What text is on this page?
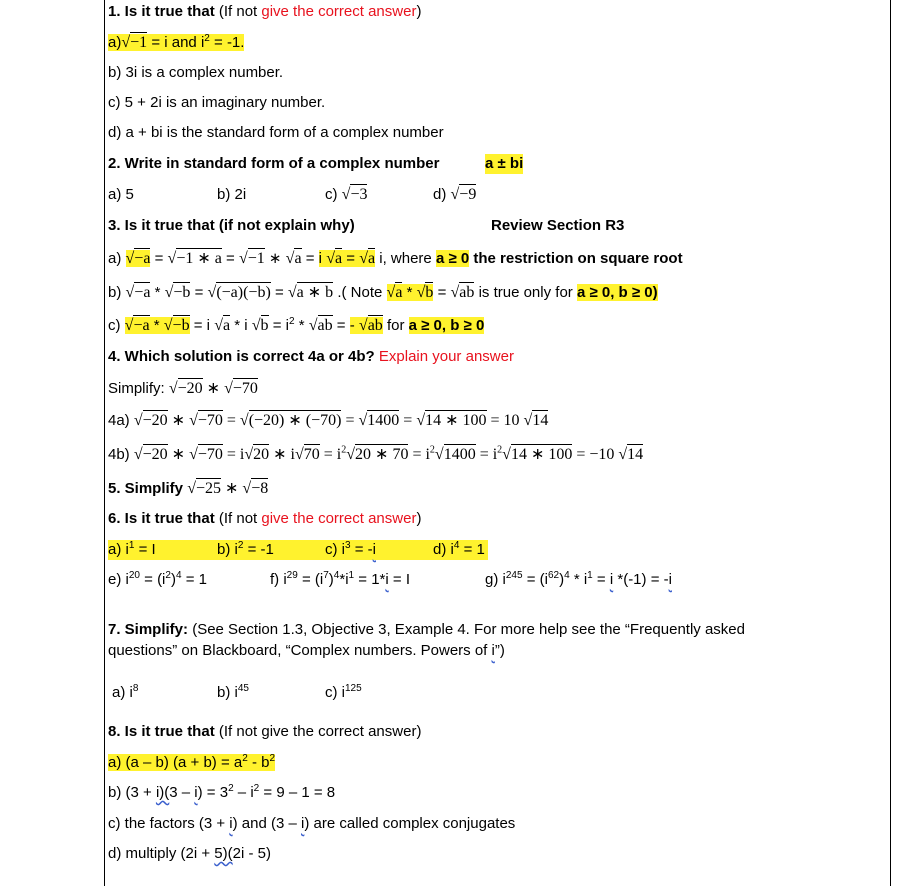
1. Is it true that (If not give the correct answer)
a)√−1 = i and $i^2 = -1$.
b) 3i is a complex number.
c) 5 + 2i is an imaginary number.
d) a + bi is the standard form of a complex number
2. Write in standard form of a complex number	a ± bi
a) 5	b) 2i	c) √−3	d) √−9
3. Is it true that (if not explain why)	Review Section R3
a) √−a = √−1 ∗ a = √−1 ∗ √a = i √a = √a i, where a ≥ 0 the restriction on square root
b) √−a * √−b = √(−a)(−b) = √a ∗ b .( Note √a * √b = √ab is true only for a ≥ 0, b ≥ 0)
c) √−a * √−b = i √a * i $√b = i^2 * √ab$ = - √ab for a ≥ 0, b ≥ 0
4. Which solution is correct 4a or 4b? Explain your answer
Simplify: √−20 ∗ √−70
4a) √−20 ∗ √−70 = √(−20) ∗ (−70) = √1400 = √14 ∗ 100 = 10 √14
4b) √−20 ∗ √−70 = i√20 ∗ $i√70 = i^2√20$ ∗ $70 = i^2√1400 = i^2√14$ ∗ 100 = −10 √14
5. Simplify √−25 ∗ √−8
6. Is it true that (If not give the correct answer)
a) $i^1 = I$	b) $i^2 = -1$	c) $i^3 = -i$	d) $i^4 = 1$
e) $i^{20} = (i^2)^4 = 1$	f) $i^{29} = (i^7)^4*i^1 = 1*i = I$	g) $i^{245} = (i^{62})^4 * i^1 = i$ *(-1) = -i
7. Simplify: (See Section 1.3, Objective 3, Example 4. For more help see the “Frequently asked
questions” on Blackboard, “Complex numbers. Powers of i”)
a) $i^8$	b) $i^{45}$	c) $i^{125}$
8. Is it true that (If not give the correct answer)
a) (a – b) $(a + b) = a^2 - b^2$
b) $(3 + i)(3 - i) = 3^2 - i^2 = 9 - 1 = 8$
c) the factors (3 + i) and (3 – i) are called complex conjugates
d) multiply (2i + 5)(2i - 5)
